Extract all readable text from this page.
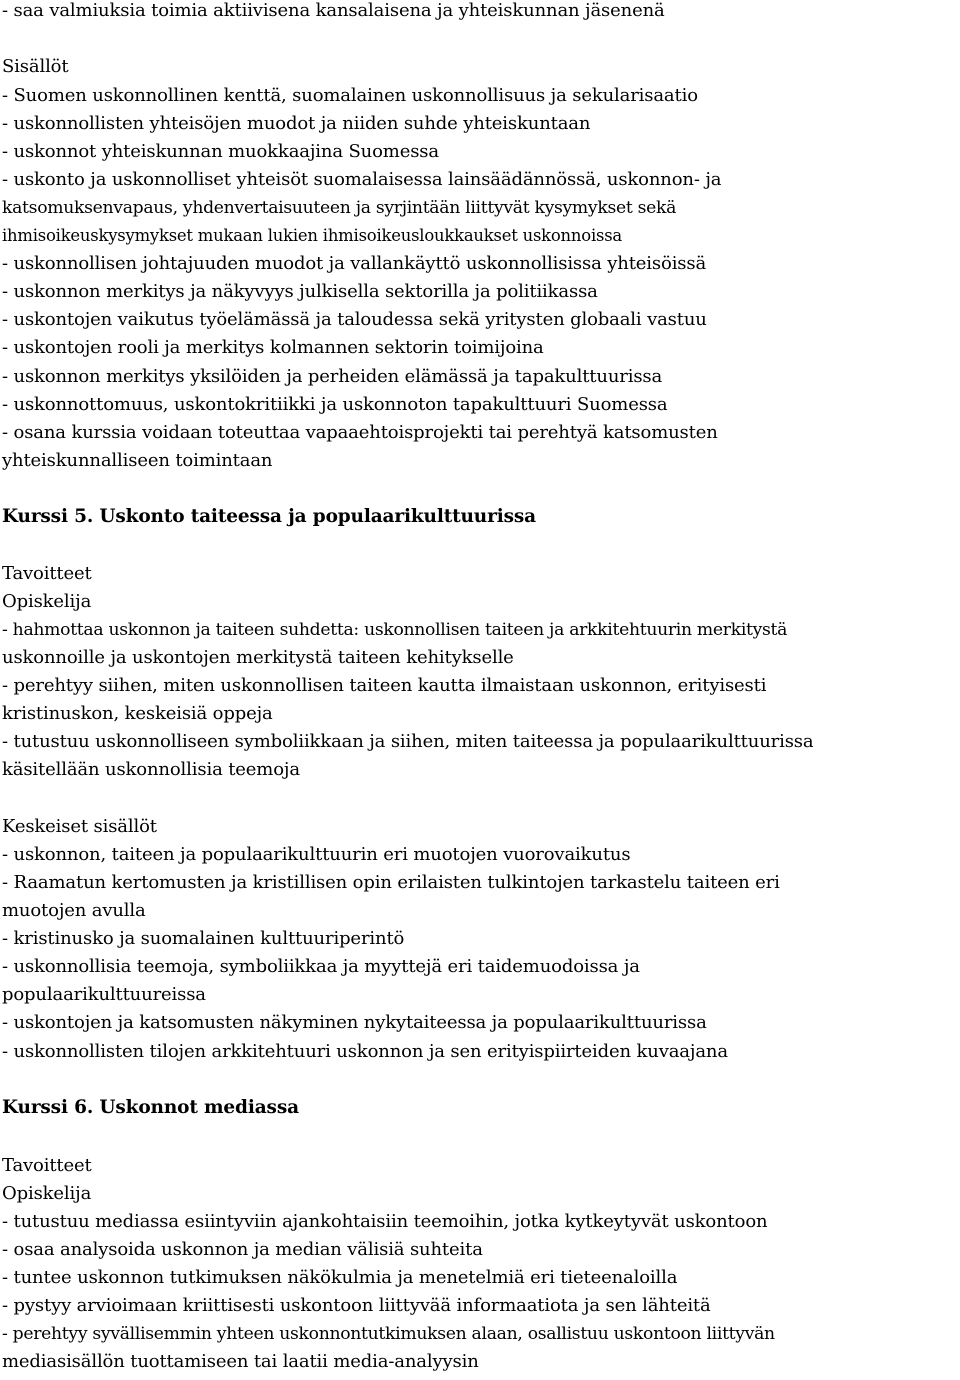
- saa valmiuksia toimia aktiivisena kansalaisena ja yhteiskunnan jäsenenä
Sisällöt
- Suomen uskonnollinen kenttä, suomalainen uskonnollisuus ja sekularisaatio
- uskonnollisten yhteisöjen muodot ja niiden suhde yhteiskuntaan
- uskonnot yhteiskunnan muokkaajina Suomessa
- uskonto ja uskonnolliset yhteisöt suomalaisessa lainsäädännössä, uskonnon- ja
katsomuksenvapaus, yhdenvertaisuuteen ja syrjintään liittyvät kysymykset sekä
ihmisoikeuskysymykset mukaan lukien ihmisoikeusloukkaukset uskonnoissa
- uskonnollisen johtajuuden muodot ja vallankäyttö uskonnollisissa yhteisöissä
- uskonnon merkitys ja näkyvyys julkisella sektorilla ja politiikassa
- uskontojen vaikutus työelämässä ja taloudessa sekä yritysten globaali vastuu
- uskontojen rooli ja merkitys kolmannen sektorin toimijoina
- uskonnon merkitys yksilöiden ja perheiden elämässä ja tapakulttuurissa
- uskonnottomuus, uskontokritiikki ja uskonnoton tapakulttuuri Suomessa
- osana kurssia voidaan toteuttaa vapaaehtoisprojekti tai perehtyä katsomusten
yhteiskunnalliseen toimintaan
Kurssi 5. Uskonto taiteessa ja populaarikulttuurissa
Tavoitteet
Opiskelija
- hahmottaa uskonnon ja taiteen suhdetta: uskonnollisen taiteen ja arkkitehtuurin merkitystä
uskonnoille ja uskontojen merkitystä taiteen kehitykselle
- perehtyy siihen, miten uskonnollisen taiteen kautta ilmaistaan uskonnon, erityisesti
kristinuskon, keskeisiä oppeja
- tutustuu uskonnolliseen symboliikkaan ja siihen, miten taiteessa ja populaarikulttuurissa
käsitellään uskonnollisia teemoja
Keskeiset sisällöt
- uskonnon, taiteen ja populaarikulttuurin eri muotojen vuorovaikutus
- Raamatun kertomusten ja kristillisen opin erilaisten tulkintojen tarkastelu taiteen eri
muotojen avulla
- kristinusko ja suomalainen kulttuuriperintö
- uskonnollisia teemoja, symboliikkaa ja myyttejä eri taidemuodoissa ja
populaarikulttuureissa
- uskontojen ja katsomusten näkyminen nykytaiteessa ja populaarikulttuurissa
- uskonnollisten tilojen arkkitehtuuri uskonnon ja sen erityispiirteiden kuvaajana
Kurssi 6. Uskonnot mediassa
Tavoitteet
Opiskelija
- tutustuu mediassa esiintyviin ajankohtaisiin teemoihin, jotka kytkeytyvät uskontoon
- osaa analysoida uskonnon ja median välisiä suhteita
- tuntee uskonnon tutkimuksen näkökulmia ja menetelmiä eri tieteenaloilla
- pystyy arvioimaan kriittisesti uskontoon liittyvää informaatiota ja sen lähteitä
- perehtyy syvällisemmin yhteen uskonnontutkimuksen alaan, osallistuu uskontoon liittyvän
mediasisällön tuottamiseen tai laatii media-analyysin
